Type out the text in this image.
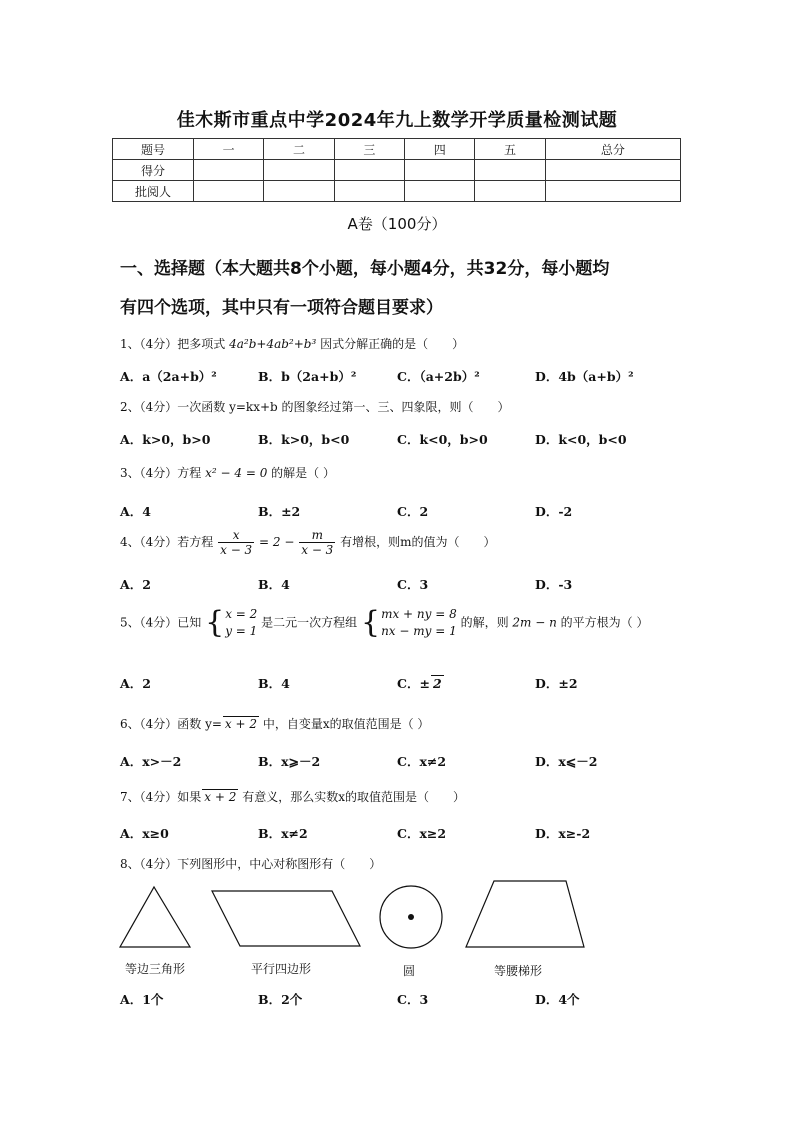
佳木斯市重点中学2024年九上数学开学质量检测试题
题号	一	二	三	四	五	总分
得分						
批阅人						
A卷（100分）
一、选择题（本大题共8个小题，每小题4分，共32分，每小题均
有四个选项，其中只有一项符合题目要求）
1、（4分）把多项式 4a²b+4ab²+b³ 因式分解正确的是（　　）
A．a（2a+b）²	B．b（2a+b）²	C．（a+2b）²	D．4b（a+b）²
2、（4分）一次函数 y=kx+b 的图象经过第一、三、四象限，则（　　）
A．k>0，b>0	B．k>0，b<0	C．k<0，b>0	D．k<0，b<0
3、（4分）方程 x² − 4 = 0 的解是（ ）
A．4	B．±2	C．2	D．-2
4、（4分）若方程 $\frac{x}{x - 3} = 2 - \frac{m}{x - 3}$ 有增根，则m的值为（　　）
A．2	B．4	C．3	D．-3
5、（4分）已知 { x = 2
y = 1
是二元一次方程组 { mx + ny = 8
nx − my = 1
的解，则 2m − n 的平方根为（ ）
A．2	B．4	C．± 2	D．±2
6、（4分）函数 y= x + 2 中，自变量x的取值范围是（ ）
A．x>－2	B．x⩾－2	C．x≠2	D．x⩽－2
7、（4分）如果 x + 2 有意义，那么实数x的取值范围是（　　）
A．x≥0	B．x≠2	C．x≥2	D．x≥-2
8、（4分）下列图形中，中心对称图形有（　　）
等边三角形	平行四边形	圆	等腰梯形
A．1个	B．2个	C．3	D．4个
